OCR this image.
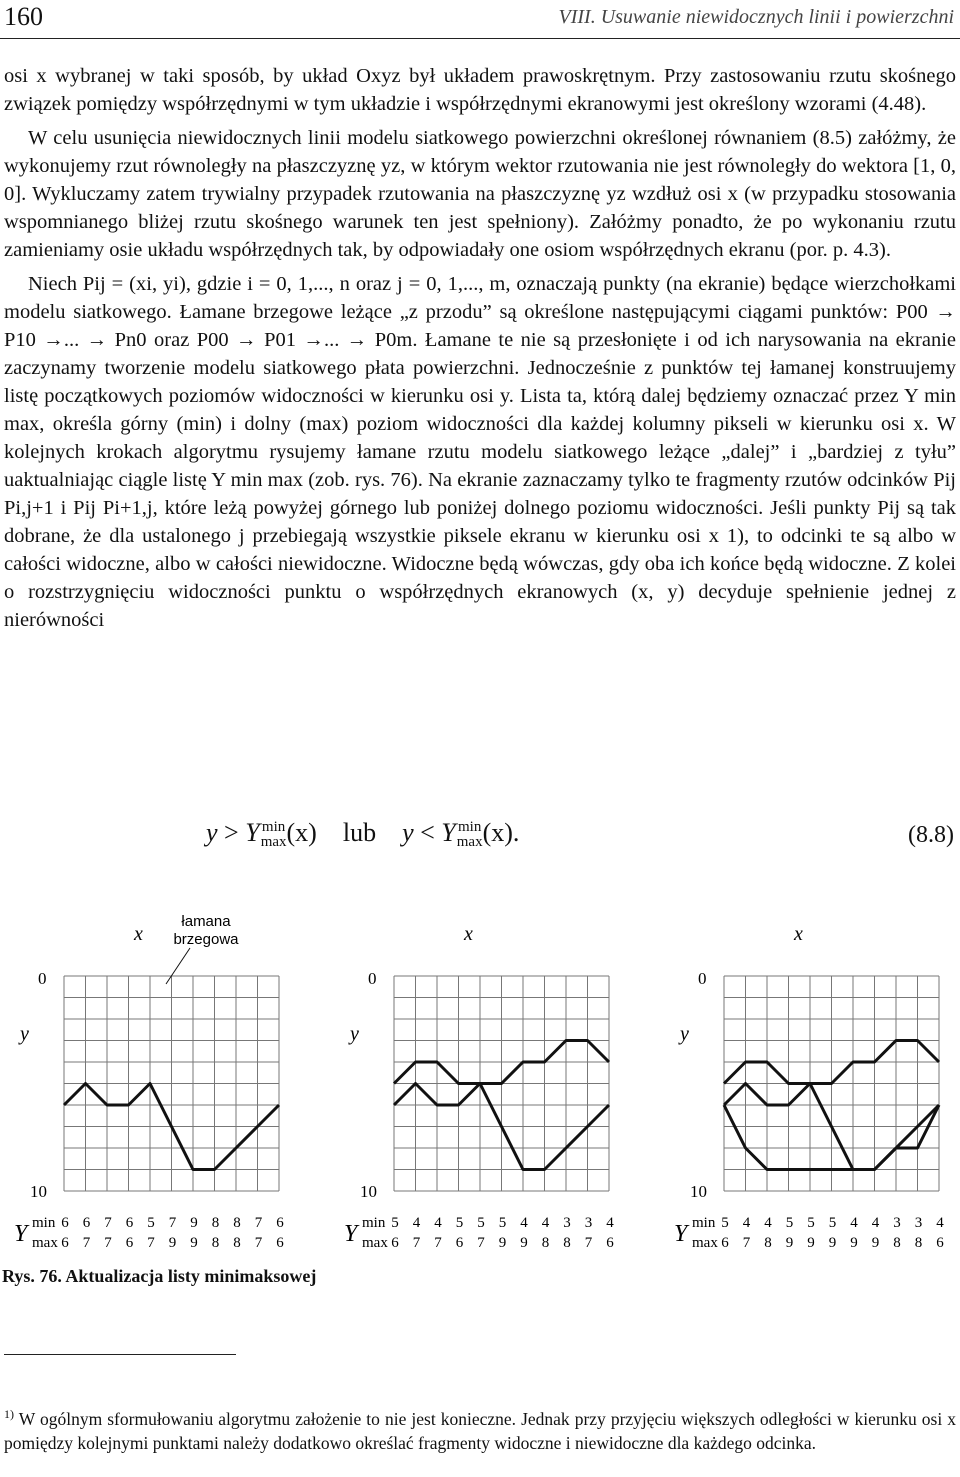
160	VIII. Usuwanie niewidocznych linii i powierzchni

osi x wybranej w taki sposób, by układ Oxyz był układem prawoskrętnym. Przy zastosowaniu rzutu skośnego związek pomiędzy współrzędnymi w tym układzie i współrzędnymi ekranowymi jest określony wzorami (4.48).

W celu usunięcia niewidocznych linii modelu siatkowego powierzchni określonej równaniem (8.5) załóżmy, że wykonujemy rzut równoległy na płaszczyznę yz, w którym wektor rzutowania nie jest równoległy do wektora [1, 0, 0]. Wykluczamy zatem trywialny przypadek rzutowania na płaszczyznę yz wzdłuż osi x (w przypadku stosowania wspomnianego bliżej rzutu skośnego warunek ten jest spełniony). Załóżmy ponadto, że po wykonaniu rzutu zamieniamy osie układu współrzędnych tak, by odpowiadały one osiom współrzędnych ekranu (por. p. 4.3).

Niech Pij = (xi, yi), gdzie i = 0, 1,..., n oraz j = 0, 1,..., m, oznaczają punkty (na ekranie) będące wierzchołkami modelu siatkowego. Łamane brzegowe leżące „z przodu” są określone następującymi ciągami punktów: P00 → P10 →... → Pn0 oraz P00 → P01 →... → P0m. Łamane te nie są przesłonięte i od ich narysowania na ekranie zaczynamy tworzenie modelu siatkowego płata powierzchni. Jednocześnie z punktów tej łamanej konstruujemy listę początkowych poziomów widoczności w kierunku osi y. Lista ta, którą dalej będziemy oznaczać przez Y min max, określa górny (min) i dolny (max) poziom widoczności dla każdej kolumny pikseli w kierunku osi x. W kolejnych krokach algorytmu rysujemy łamane rzutu modelu siatkowego leżące „dalej” i „bardziej z tyłu” uaktualniając ciągle listę Y min max (zob. rys. 76). Na ekranie zaznaczamy tylko te fragmenty rzutów odcinków Pij Pi,j+1 i Pij Pi+1,j, które leżą powyżej górnego lub poniżej dolnego poziomu widoczności. Jeśli punkty Pij są tak dobrane, że dla ustalonego j przebiegają wszystkie piksele ekranu w kierunku osi x 1), to odcinki te są albo w całości widoczne, albo w całości niewidoczne. Widoczne będą wówczas, gdy oba ich końce będą widoczne. Z kolei o rozstrzygnięciu widoczności punktu o współrzędnych ekranowych (x, y) decyduje spełnienie jednej z nierówności

y > Y min
max (x) lub y < Y min
max (x).	(8.8)
x
y
0
10
Y min
max
6 6 7 6 5 7 9 8 8 7 6
6 7 7 6 7 9 9 8 8 7 6
x
y
0
10
Y min
max
5 4 4 5 5 5 4 4 3 3 4
6 7 7 6 7 9 9 8 8 7 6
x
y
0
10
Y min
max
5 4 4 5 5 5 4 4 3 3 4
6 7 8 9 9 9 9 9 8 8 6
łamana
brzegowa
Rys. 76. Aktualizacja listy minimaksowej
$^{1)}$ W ogólnym sformułowaniu algorytmu założenie to nie jest konieczne. Jednak przy przyjęciu większych odległości w kierunku osi x pomiędzy kolejnymi punktami należy dodatkowo określać fragmenty widoczne i niewidoczne dla każdego odcinka.
